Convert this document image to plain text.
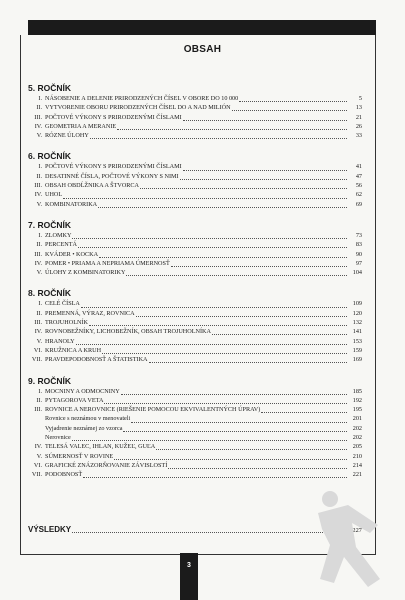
OBSAH
5. ROČNÍK
I. NÁSOBENIE A DELENIE PRIRODZENÝCH ČÍSEL V OBORE DO 10 000	5
II. VYTVORENIE OBORU PRIRODZENÝCH ČÍSEL DO A NAD MILIÓN	13
III. POČTOVÉ VÝKONY S PRIRODZENÝMI ČÍSLAMI	21
IV. GEOMETRIA A MERANIE	26
V. RÓZNE ÚLOHY	33
6. ROČNÍK
I. POČTOVÉ VÝKONY S PRIRODZENÝMI ČÍSLAMI	41
II. DESATINNÉ ČÍSLA, POČTOVÉ VÝKONY S NIMI	47
III. OBSAH OBDĹŽNIKA A ŠTVORCA	56
IV. UHOL	62
V. KOMBINATORIKA	69
7. ROČNÍK
I. ZLOMKY	73
II. PERCENTÁ	83
III. KVÁDER • KOCKA	90
IV. POMER • PRIAMA A NEPRIAMA ÚMERNOSŤ	97
V. ÚLOHY Z KOMBINATORIKY	104
8. ROČNÍK
I. CELÉ ČÍSLA	109
II. PREMENNÁ, VÝRAZ, ROVNICA	120
III. TROJUHOLNÍK	132
IV. ROVNOBEŽNÍKY, LICHOBEŽNÍK, OBSAH TROJUHOLNÍKA	141
V. HRANOLY	153
VI. KRUŽNICA A KRUH	159
VII. PRAVDEPODOBNOSŤ A ŠTATISTIKA	169
9. ROČNÍK
I. MOCNINY A ODMOCNINY	185
II. PYTAGOROVA VETA	192
III. ROVNICE A NEROVNICE (RIEŠENIE POMOCOU EKVIVALENTNÝCH ÚPRAV)	195
Rovnice s neznámou v menovateli	201
Vyjadrenie neznámej zo vzorca	202
Nerovnice	202
IV. TELESÁ VALEC, IHLAN, KUŽEĽ, GUĽA	205
V. SÚMERNOSŤ V ROVINE	210
VI. GRAFICKÉ ZNÁZORŇOVANIE ZÁVISLOSTÍ	214
VII. PODOBNOSŤ	221
VÝSLEDKY	227
3
